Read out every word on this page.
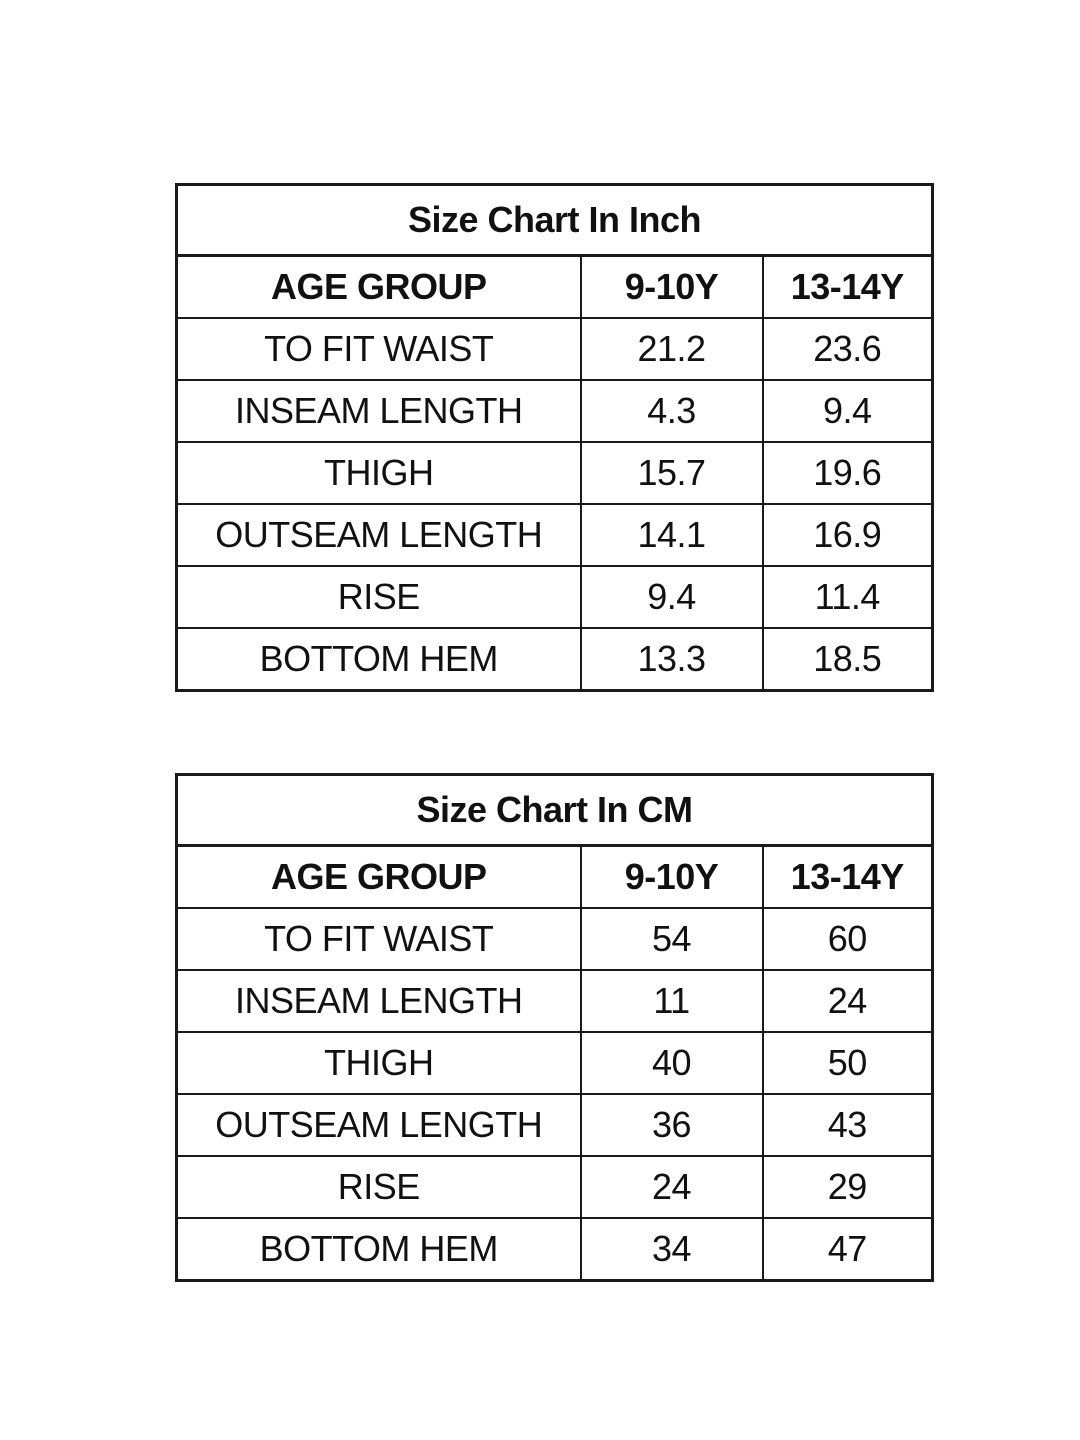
Size Chart In Inch		
AGE GROUP	9-10Y	13-14Y
TO FIT WAIST	21.2	23.6
INSEAM LENGTH	4.3	9.4
THIGH	15.7	19.6
OUTSEAM LENGTH	14.1	16.9
RISE	9.4	11.4
BOTTOM HEM	13.3	18.5
Size Chart In CM		
AGE GROUP	9-10Y	13-14Y
TO FIT WAIST	54	60
INSEAM LENGTH	11	24
THIGH	40	50
OUTSEAM LENGTH	36	43
RISE	24	29
BOTTOM HEM	34	47
